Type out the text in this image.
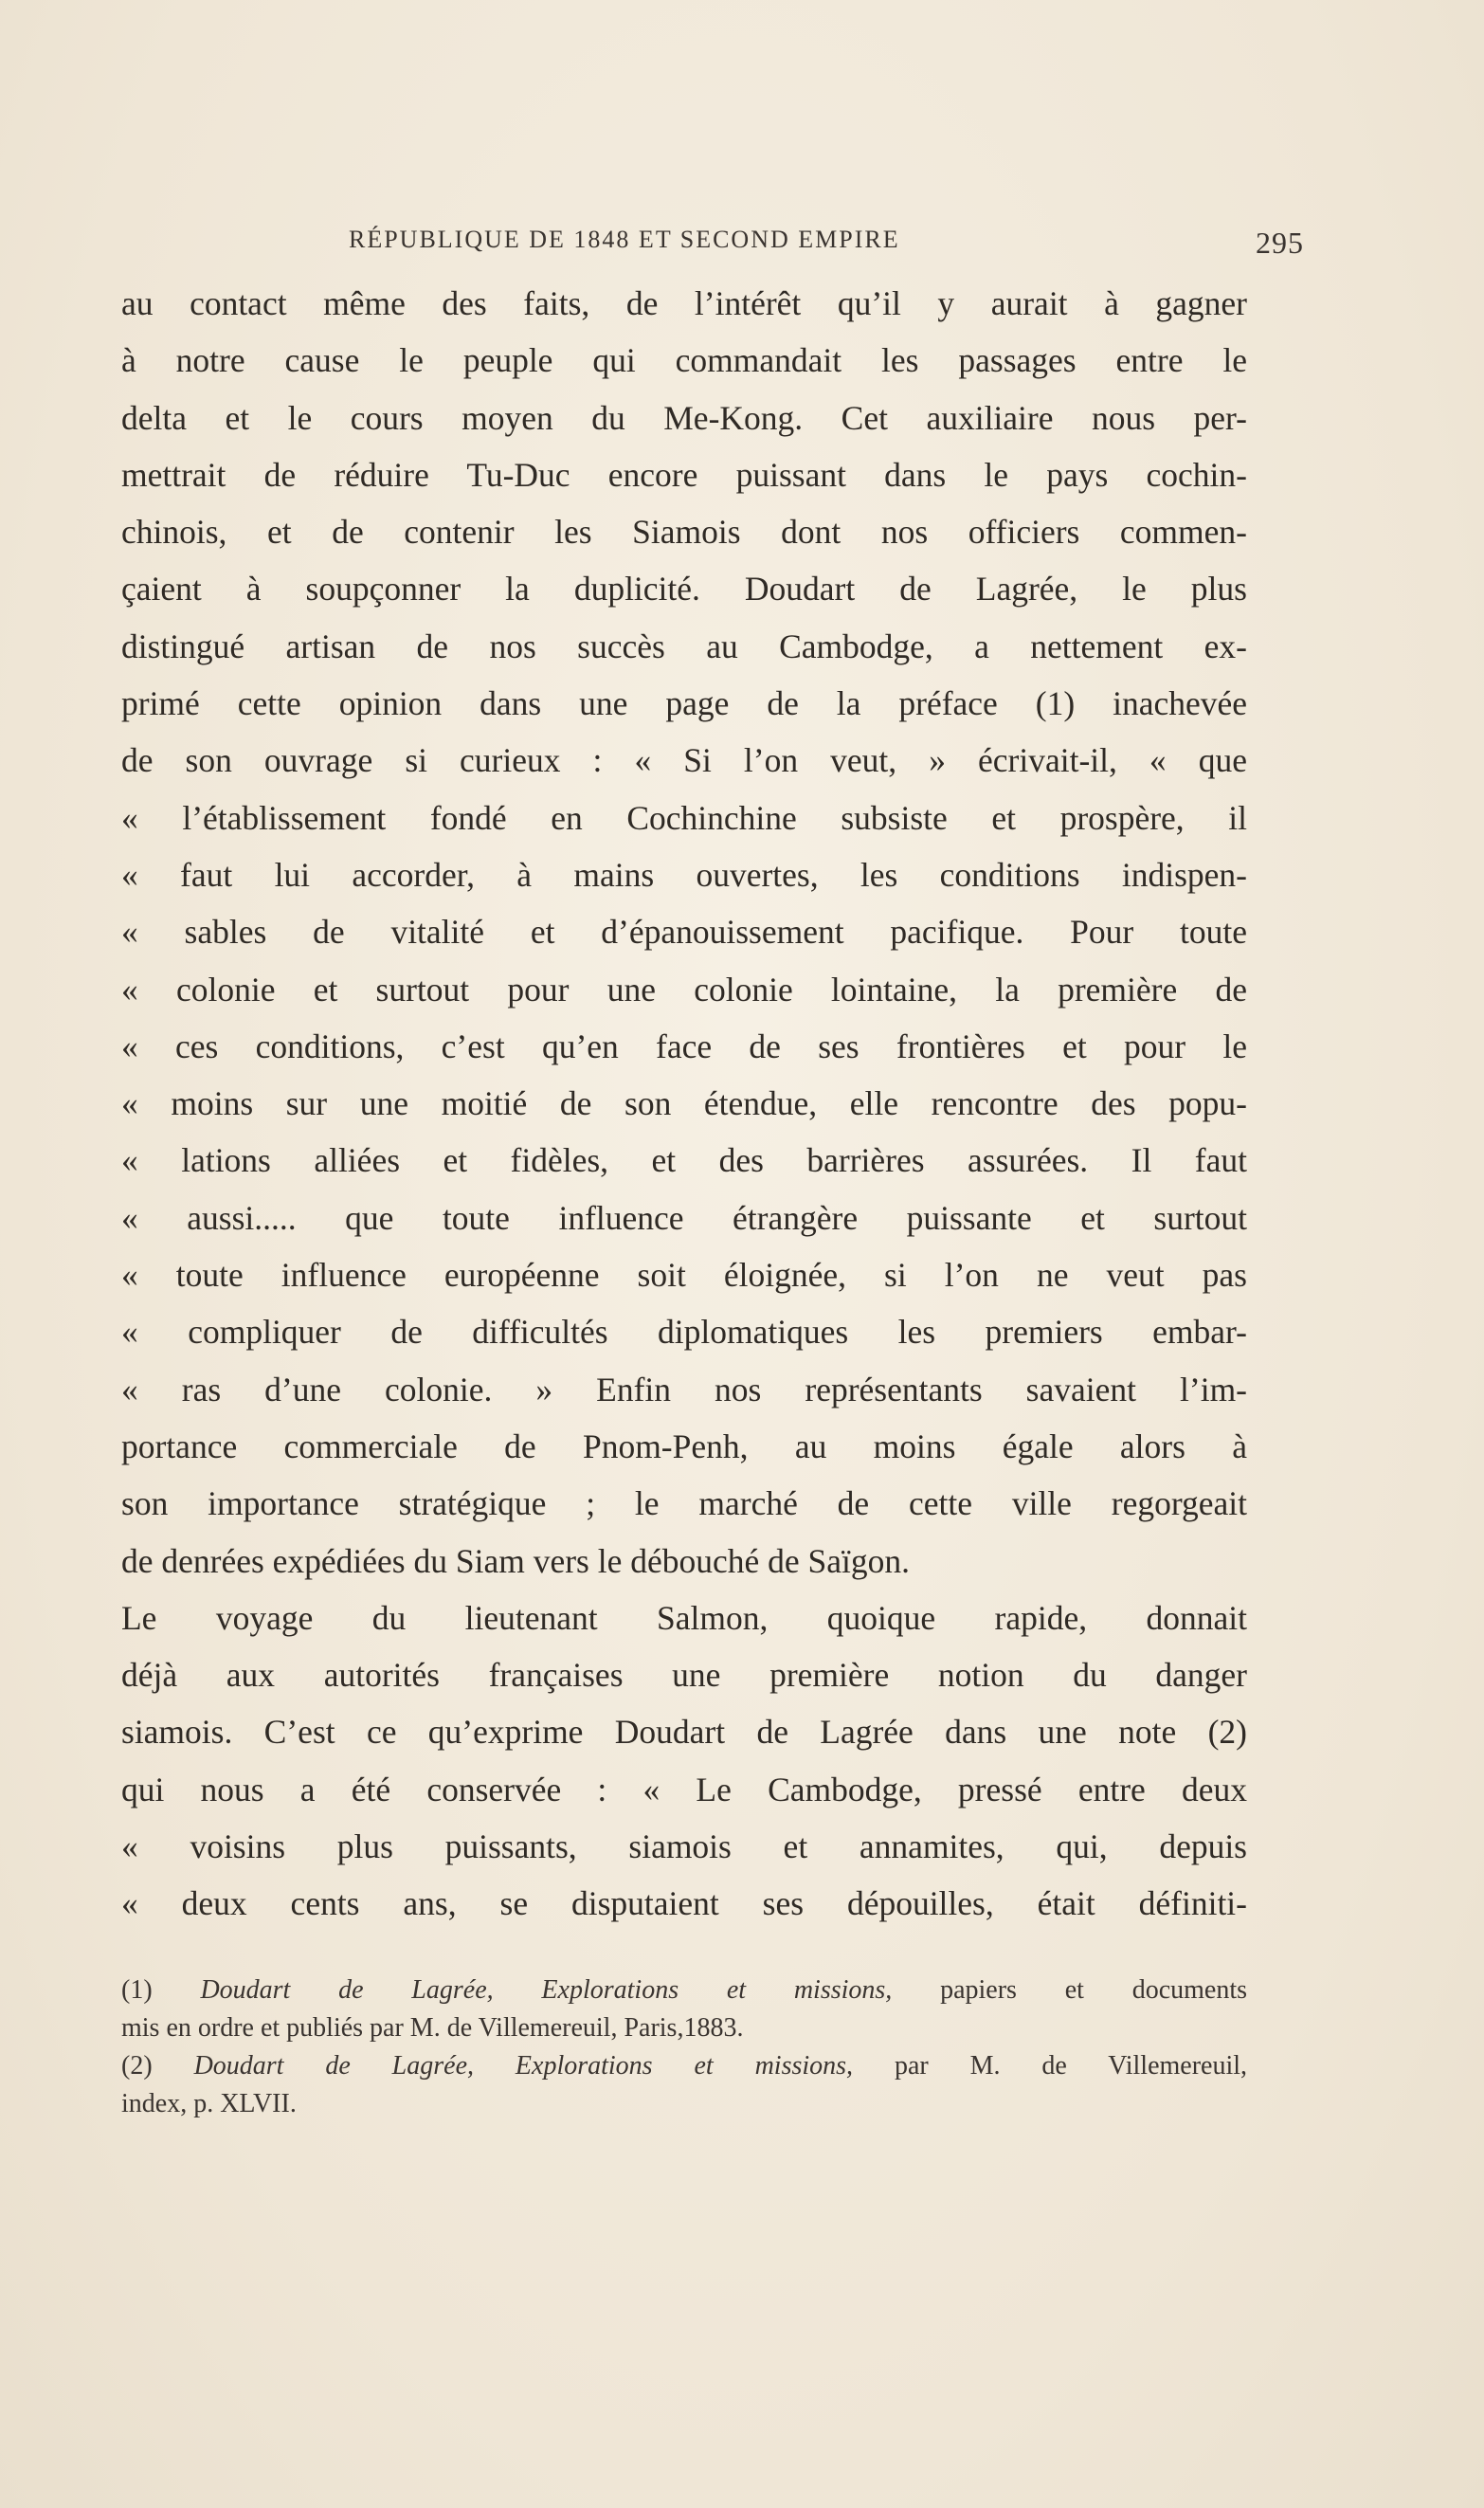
RÉPUBLIQUE DE 1848 ET SECOND EMPIRE	295
au contact même des faits, de l’intérêt qu’il y aurait à gagner
à notre cause le peuple qui commandait les passages entre le
delta et le cours moyen du Me-Kong. Cet auxiliaire nous per-
mettrait de réduire Tu-Duc encore puissant dans le pays cochin-
chinois, et de contenir les Siamois dont nos officiers commen-
çaient à soupçonner la duplicité. Doudart de Lagrée, le plus
distingué artisan de nos succès au Cambodge, a nettement ex-
primé cette opinion dans une page de la préface (1) inachevée
de son ouvrage si curieux : « Si l’on veut, » écrivait-il, « que
« l’établissement fondé en Cochinchine subsiste et prospère, il
« faut lui accorder, à mains ouvertes, les conditions indispen-
« sables de vitalité et d’épanouissement pacifique. Pour toute
« colonie et surtout pour une colonie lointaine, la première de
« ces conditions, c’est qu’en face de ses frontières et pour le
« moins sur une moitié de son étendue, elle rencontre des popu-
« lations alliées et fidèles, et des barrières assurées. Il faut
« aussi..... que toute influence étrangère puissante et surtout
« toute influence européenne soit éloignée, si l’on ne veut pas
« compliquer de difficultés diplomatiques les premiers embar-
« ras d’une colonie. » Enfin nos représentants savaient l’im-
portance commerciale de Pnom-Penh, au moins égale alors à
son importance stratégique ; le marché de cette ville regorgeait
de denrées expédiées du Siam vers le débouché de Saïgon.
Le voyage du lieutenant Salmon, quoique rapide, donnait
déjà aux autorités françaises une première notion du danger
siamois. C’est ce qu’exprime Doudart de Lagrée dans une note (2)
qui nous a été conservée : « Le Cambodge, pressé entre deux
« voisins plus puissants, siamois et annamites, qui, depuis
« deux cents ans, se disputaient ses dépouilles, était définiti-
(1) Doudart de Lagrée, Explorations et missions, papiers et documents
mis en ordre et publiés par M. de Villemereuil, Paris,1883.
(2) Doudart de Lagrée, Explorations et missions, par M. de Villemereuil,
index, p. XLVII.
